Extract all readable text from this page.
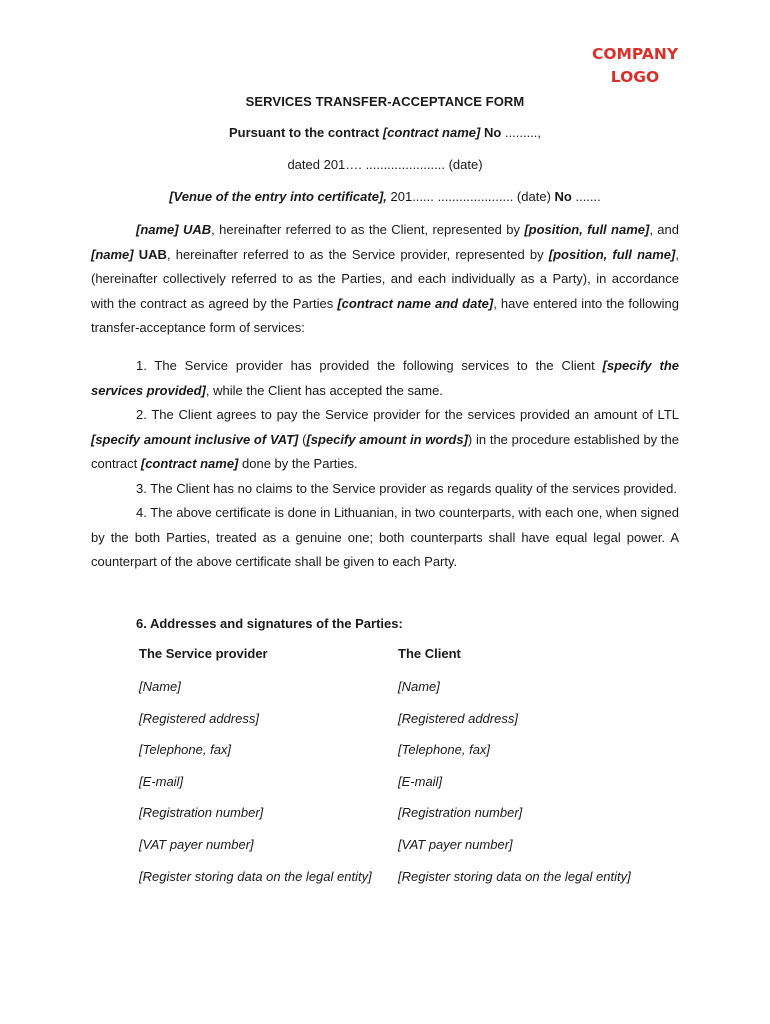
COMPANY
LOGO
SERVICES TRANSFER-ACCEPTANCE FORM
Pursuant to the contract [contract name] No .........,
dated 201…. ...................... (date)
[Venue of the entry into certificate], 201...... ..................... (date) No .......
[name] UAB, hereinafter referred to as the Client, represented by [position, full name], and [name] UAB, hereinafter referred to as the Service provider, represented by [position, full name], (hereinafter collectively referred to as the Parties, and each individually as a Party), in accordance with the contract as agreed by the Parties [contract name and date], have entered into the following transfer-acceptance form of services:

1. The Service provider has provided the following services to the Client [specify the services provided], while the Client has accepted the same.

2. The Client agrees to pay the Service provider for the services provided an amount of LTL [specify amount inclusive of VAT] ([specify amount in words]) in the procedure established by the contract [contract name] done by the Parties.

3. The Client has no claims to the Service provider as regards quality of the services provided.

4. The above certificate is done in Lithuanian, in two counterparts, with each one, when signed by the both Parties, treated as a genuine one; both counterparts shall have equal legal power. A counterpart of the above certificate shall be given to each Party.

6. Addresses and signatures of the Parties:
The Service provider
[Name]
[Registered address]
[Telephone, fax]
[E-mail]
[Registration number]
[VAT payer number]
[Register storing data on the legal entity]
The Client
[Name]
[Registered address]
[Telephone, fax]
[E-mail]
[Registration number]
[VAT payer number]
[Register storing data on the legal entity]
